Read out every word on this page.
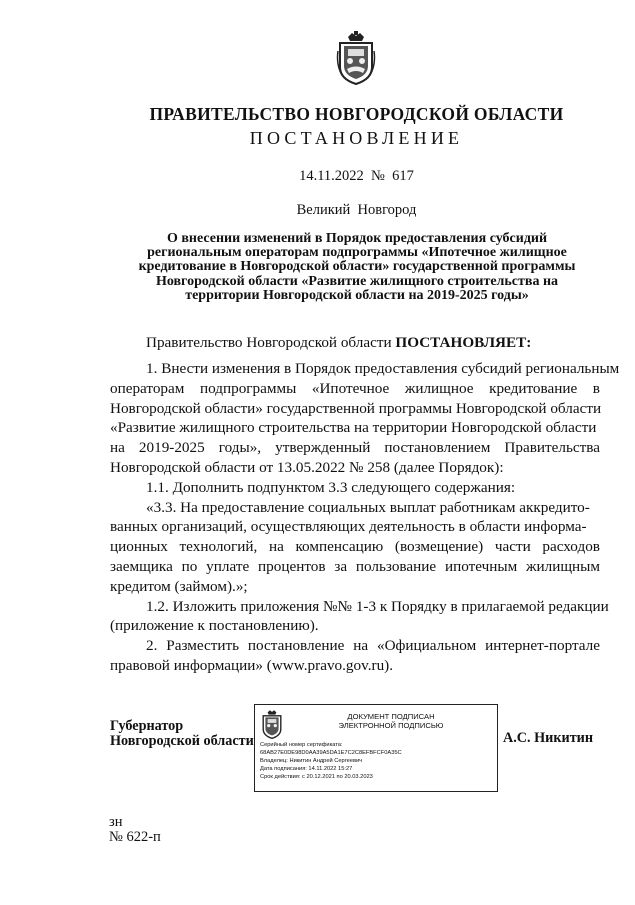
ПРАВИТЕЛЬСТВО НОВГОРОДСКОЙ ОБЛАСТИ
ПОСТАНОВЛЕНИЕ
14.11.2022  №  617
Великий  Новгород
О внесении изменений в Порядок предоставления субсидий
региональным операторам подпрограммы «Ипотечное жилищное
кредитование в Новгородской области» государственной программы
Новгородской области «Развитие жилищного строительства на
территории Новгородской области на 2019-2025 годы»
Правительство Новгородской области ПОСТАНОВЛЯЕТ:
1. Внести изменения в Порядок предоставления субсидий региональным
операторам подпрограммы «Ипотечное жилищное кредитование в
Новгородской области» государственной программы Новгородской области
«Развитие жилищного строительства на территории Новгородской области
на 2019-2025 годы», утвержденный постановлением Правительства
Новгородской области от 13.05.2022 № 258 (далее Порядок):
1.1. Дополнить подпунктом 3.3 следующего содержания:
«3.3. На предоставление социальных выплат работникам аккредито-
ванных организаций, осуществляющих деятельность в области информа-
ционных технологий, на компенсацию (возмещение) части расходов
заемщика по уплате процентов за пользование ипотечным жилищным
кредитом (займом).»;
1.2. Изложить приложения №№ 1-3 к Порядку в прилагаемой редакции
(приложение к постановлению).
2. Разместить постановление на «Официальном интернет-портале
правовой информации» (www.pravo.gov.ru).
Губернатор
Новгородской области
ДОКУМЕНТ ПОДПИСАН
ЭЛЕКТРОННОЙ ПОДПИСЬЮ
Серийный номер сертификата:
68AB27E0DE98D0AA39A5DA1E7C2C8EFBFCF0A35C
Владелец: Никитин Андрей Сергеевич
Дата подписания: 14.11.2022 15:27
Срок действия: с 20.12.2021 по 20.03.2023
А.С. Никитин
зн
№ 622-п
